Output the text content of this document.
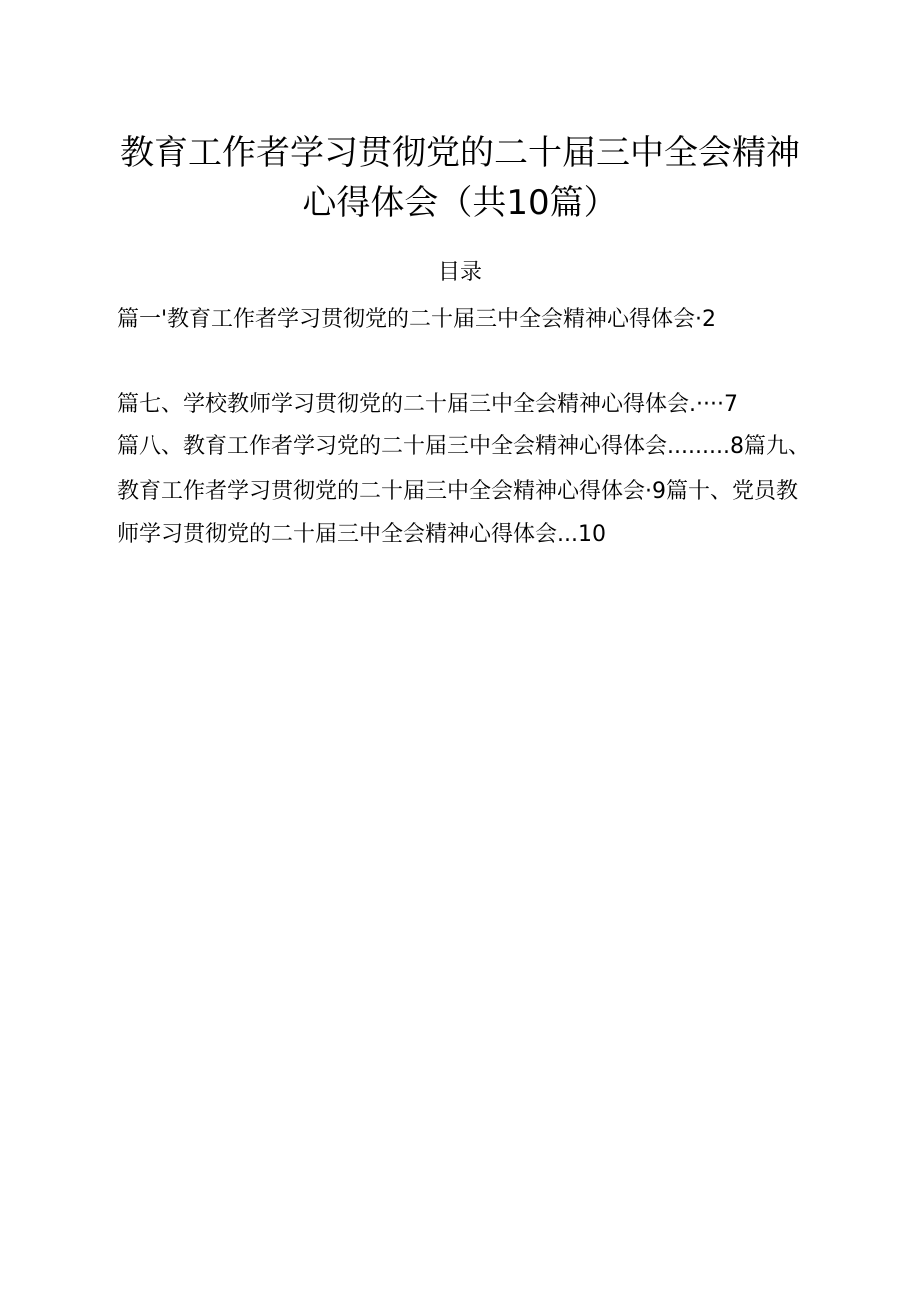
教育工作者学习贯彻党的二十届三中全会精神
心得体会（共10篇）
目录
篇一'教育工作者学习贯彻党的二十届三中全会精神心得体会·2
篇七、学校教师学习贯彻党的二十届三中全会精神心得体会.····7
篇八、教育工作者学习党的二十届三中全会精神心得体会.........8篇九、
教育工作者学习贯彻党的二十届三中全会精神心得体会·9篇十、党员教
师学习贯彻党的二十届三中全会精神心得体会...10
